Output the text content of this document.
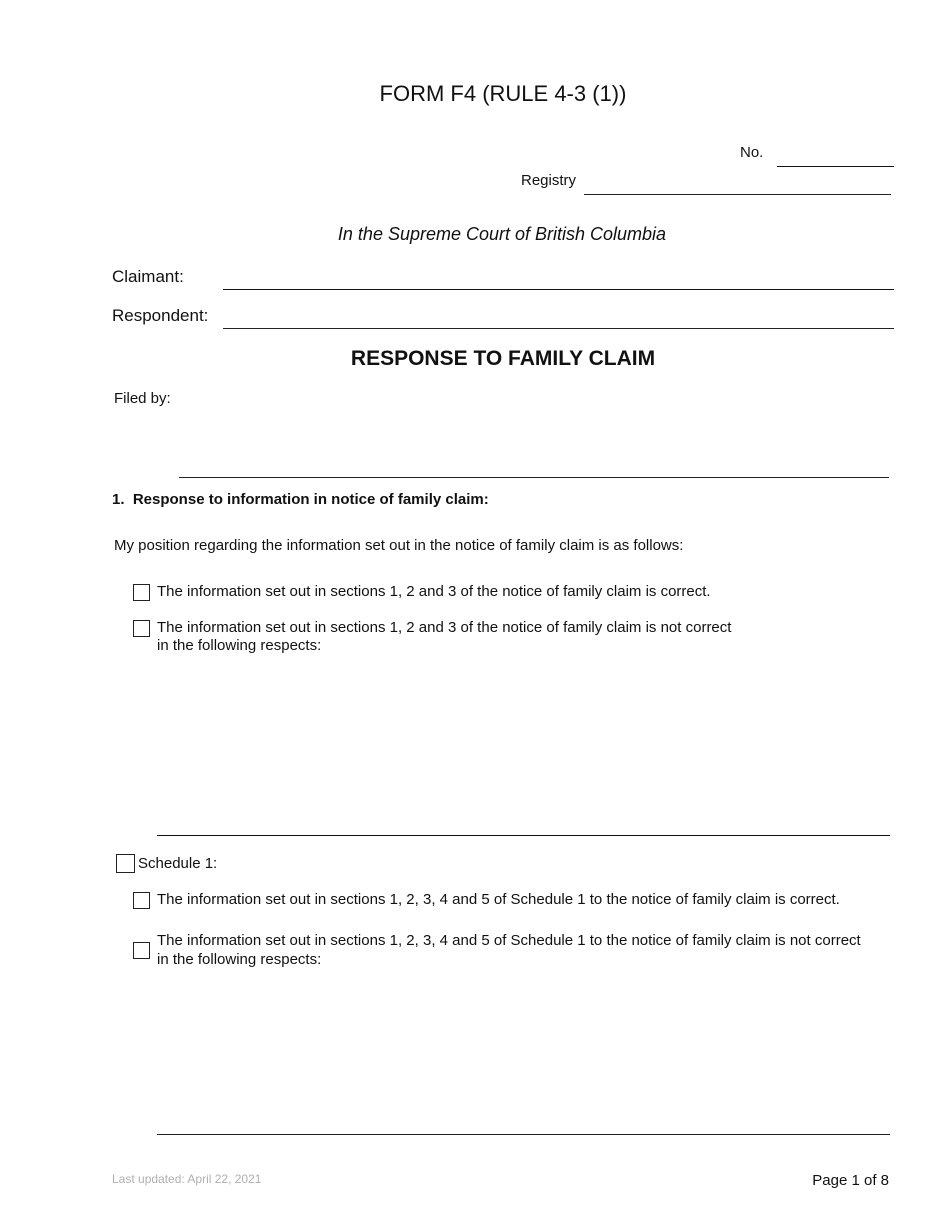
FORM F4 (RULE 4-3 (1))
No.
Registry
In the Supreme Court of British Columbia
Claimant:
Respondent:
RESPONSE TO FAMILY CLAIM
Filed by:
1.  Response to information in notice of family claim:
My position regarding the information set out in the notice of family claim is as follows:
The information set out in sections 1, 2 and 3 of the notice of family claim is correct.
The information set out in sections 1, 2 and 3 of the notice of family claim is not correct
in the following respects:
Schedule 1:
The information set out in sections 1, 2, 3, 4 and 5 of Schedule 1 to the notice of family claim is correct.
The information set out in sections 1, 2, 3, 4 and 5 of Schedule 1 to the notice of family claim is not correct
in the following respects:
Last updated: April 22, 2021	Page 1 of 8
